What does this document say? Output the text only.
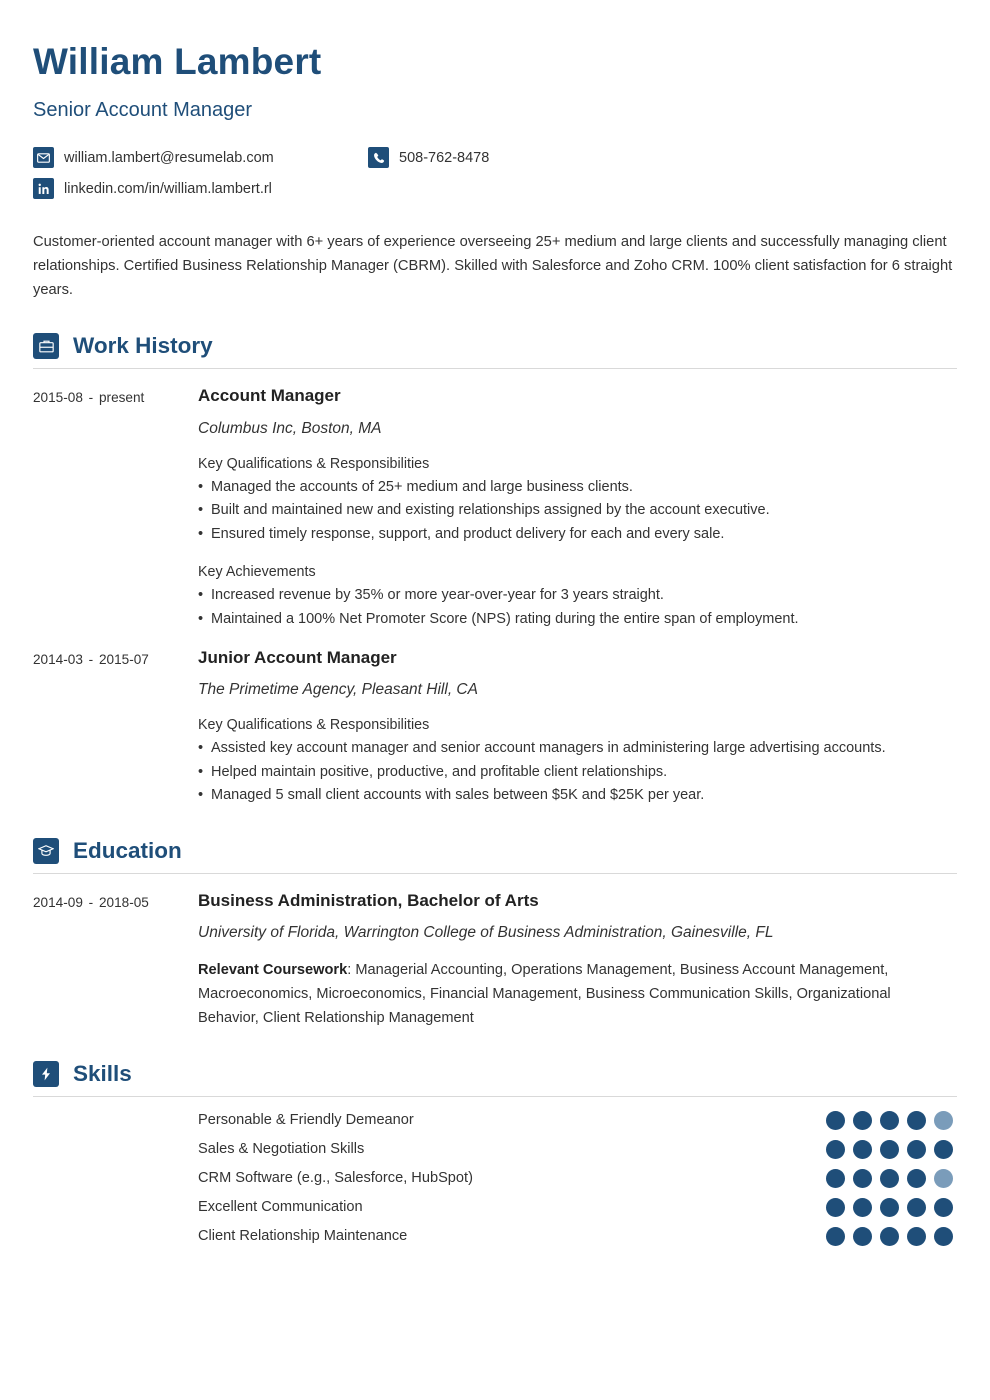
William Lambert
Senior Account Manager
william.lambert@resumelab.com	508-762-8478
linkedin.com/in/william.lambert.rl
Customer-oriented account manager with 6+ years of experience overseeing 25+ medium and large clients and successfully managing client relationships. Certified Business Relationship Manager (CBRM). Skilled with Salesforce and Zoho CRM. 100% client satisfaction for 6 straight years.
Work History
2015-08 - present	Account Manager
Columbus Inc, Boston, MA
Key Qualifications & Responsibilities
• Managed the accounts of 25+ medium and large business clients.
• Built and maintained new and existing relationships assigned by the account executive.
• Ensured timely response, support, and product delivery for each and every sale.
Key Achievements
• Increased revenue by 35% or more year-over-year for 3 years straight.
• Maintained a 100% Net Promoter Score (NPS) rating during the entire span of employment.
2014-03 - 2015-07	Junior Account Manager
The Primetime Agency, Pleasant Hill, CA
Key Qualifications & Responsibilities
• Assisted key account manager and senior account managers in administering large advertising accounts.
• Helped maintain positive, productive, and profitable client relationships.
• Managed 5 small client accounts with sales between $5K and $25K per year.
Education
2014-09 - 2018-05	Business Administration, Bachelor of Arts
University of Florida, Warrington College of Business Administration, Gainesville, FL
Relevant Coursework: Managerial Accounting, Operations Management, Business Account Management, Macroeconomics, Microeconomics, Financial Management, Business Communication Skills, Organizational Behavior, Client Relationship Management
Skills
Personable & Friendly Demeanor
Sales & Negotiation Skills
CRM Software (e.g., Salesforce, HubSpot)
Excellent Communication
Client Relationship Maintenance
